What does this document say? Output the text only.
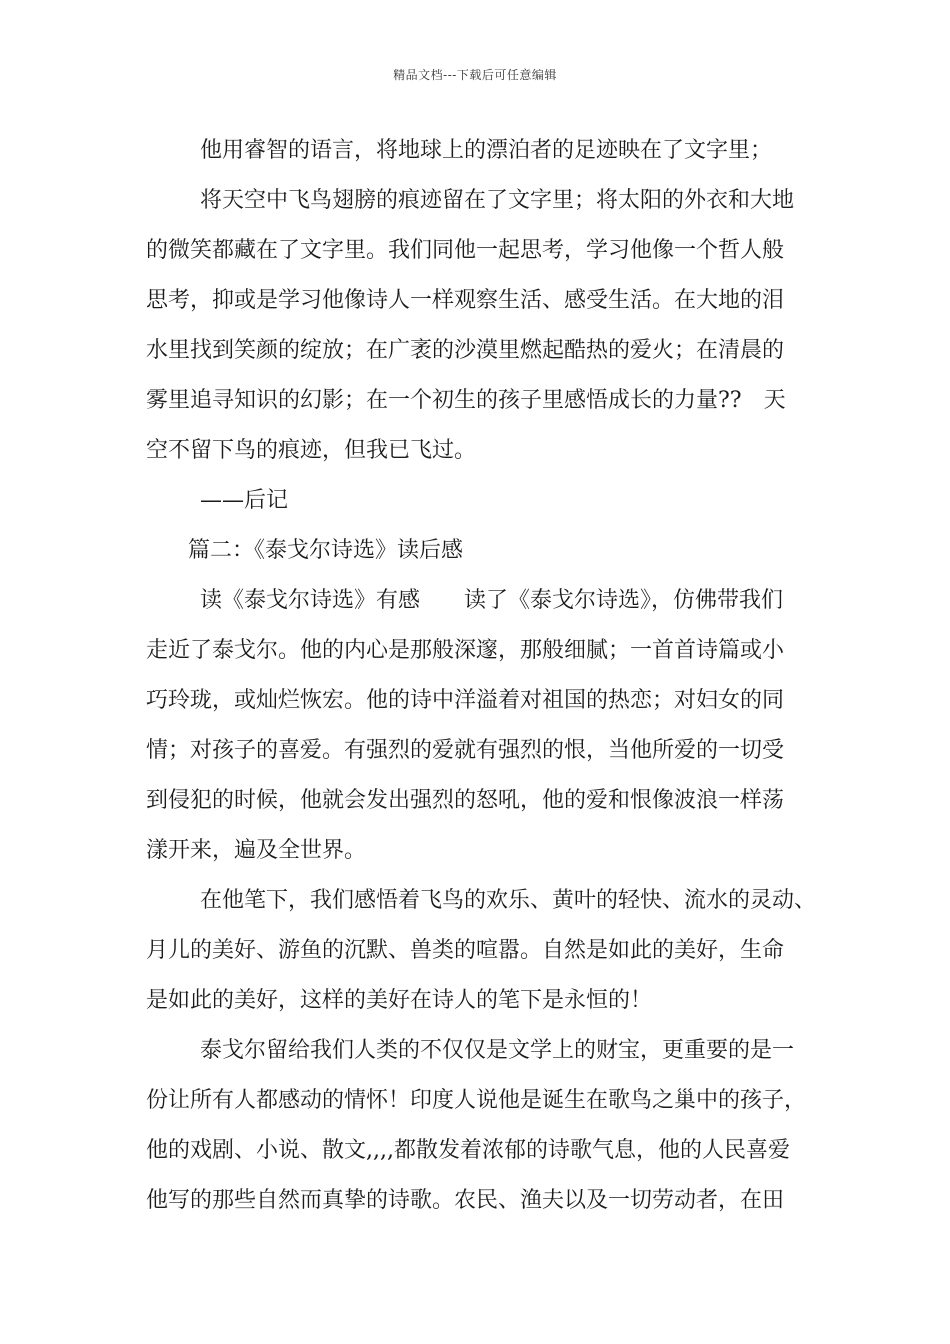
精品文档---下载后可任意编辑
他用睿智的语言，将地球上的漂泊者的足迹映在了文字里；
将天空中飞鸟翅膀的痕迹留在了文字里；将太阳的外衣和大地
的微笑都藏在了文字里。我们同他一起思考，学习他像一个哲人般
思考，抑或是学习他像诗人一样观察生活、感受生活。在大地的泪
水里找到笑颜的绽放；在广袤的沙漠里燃起酷热的爱火；在清晨的
雾里追寻知识的幻影；在一个初生的孩子里感悟成长的力量??　天
空不留下鸟的痕迹，但我已飞过。
——后记
篇二：《泰戈尔诗选》读后感
读《泰戈尔诗选》有感　　读了《泰戈尔诗选》，仿佛带我们
走近了泰戈尔。他的内心是那般深邃，那般细腻；一首首诗篇或小
巧玲珑，或灿烂恢宏。他的诗中洋溢着对祖国的热恋；对妇女的同
情；对孩子的喜爱。有强烈的爱就有强烈的恨，当他所爱的一切受
到侵犯的时候，他就会发出强烈的怒吼，他的爱和恨像波浪一样荡
漾开来，遍及全世界。
在他笔下，我们感悟着飞鸟的欢乐、黄叶的轻快、流水的灵动、
月儿的美好、游鱼的沉默、兽类的喧嚣。自然是如此的美好，生命
是如此的美好，这样的美好在诗人的笔下是永恒的！
泰戈尔留给我们人类的不仅仅是文学上的财宝，更重要的是一
份让所有人都感动的情怀！印度人说他是诞生在歌鸟之巢中的孩子，
他的戏剧、小说、散文,,,,都散发着浓郁的诗歌气息，他的人民喜爱
他写的那些自然而真挚的诗歌。农民、渔夫以及一切劳动者，在田
